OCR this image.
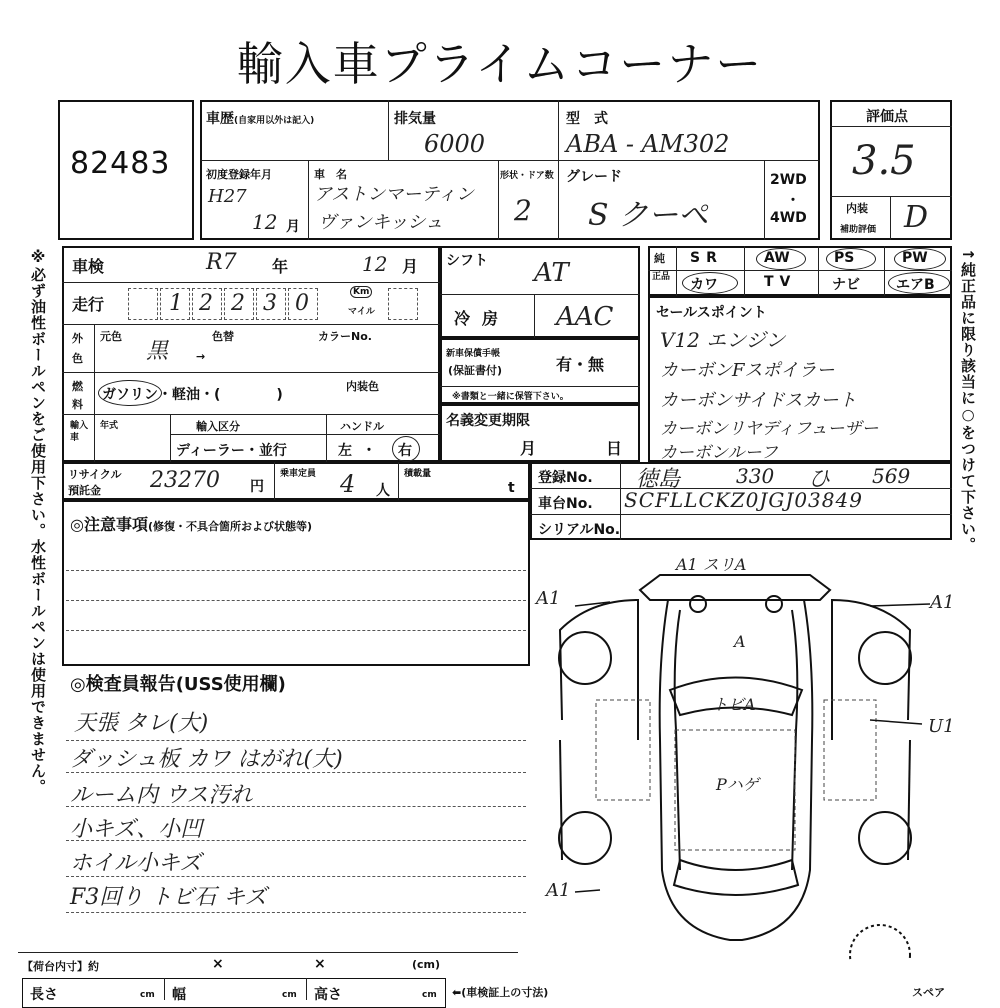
輸入車プライムコーナー
※必ず油性ボールペンをご使用下さい。水性ボールペンは使用できません。	↑純正品に限り該当に○をつけて下さい。
82483
車歴(自家用以外は記入)	排気量
6000
型　式
ABA - AM302
初度登録年月
H27
12 月
車　名
アストンマーティン
ヴァンキッシュ
形状・ドア数
2
グレード
S クーペ
2WD
・
4WD
評価点
3.5
内装
補助評価 D
車検	R7 年	12 月
走行	1 2 2 3 0	Km
マイル
外
色
元色
黒
色替
→
カラーNo.
燃
料
ガソリン・軽油・(　　　　)
内装色
輸入車
年式	輸入区分
ディーラー・並行
ハンドル
左 ・ 右
シフト AT
冷房 AAC
新車保償手帳
(保証書付)	有・無
※書類と一緒に保管下さい。
名義変更期限
月	日
純
正品
SR	AW	PS	PW
カワ	TV	ナビ	エアB
セールスポイント
V12 エンジン
カーボンFスポイラー
カーボンサイドスカート
カーボンリヤディフューザー
カーボンルーフ
リサイクル
預託金 23270 円
乗車定員 4 人
積載量
t
登録No. 徳島	330 ひ 569
車台No. SCFLLCKZ0JGJ03849
シリアルNo.
◎注意事項(修復・不具合箇所および状態等)
◎検査員報告(USS使用欄)
天張 タレ(大)
ダッシュ板 カワ はがれ(大)
ルーム内 ウス汚れ
小キズ、小凹
ホイル小キズ
F3回り トビ石 キズ
A1 スリA
A
トビA
Pハゲ
A1	A1
U1
A1
【荷台内寸】約	×	×	(cm)
長さ	cm 幅	cm 高さ	cm ⬅(車検証上の寸法)	スペア
